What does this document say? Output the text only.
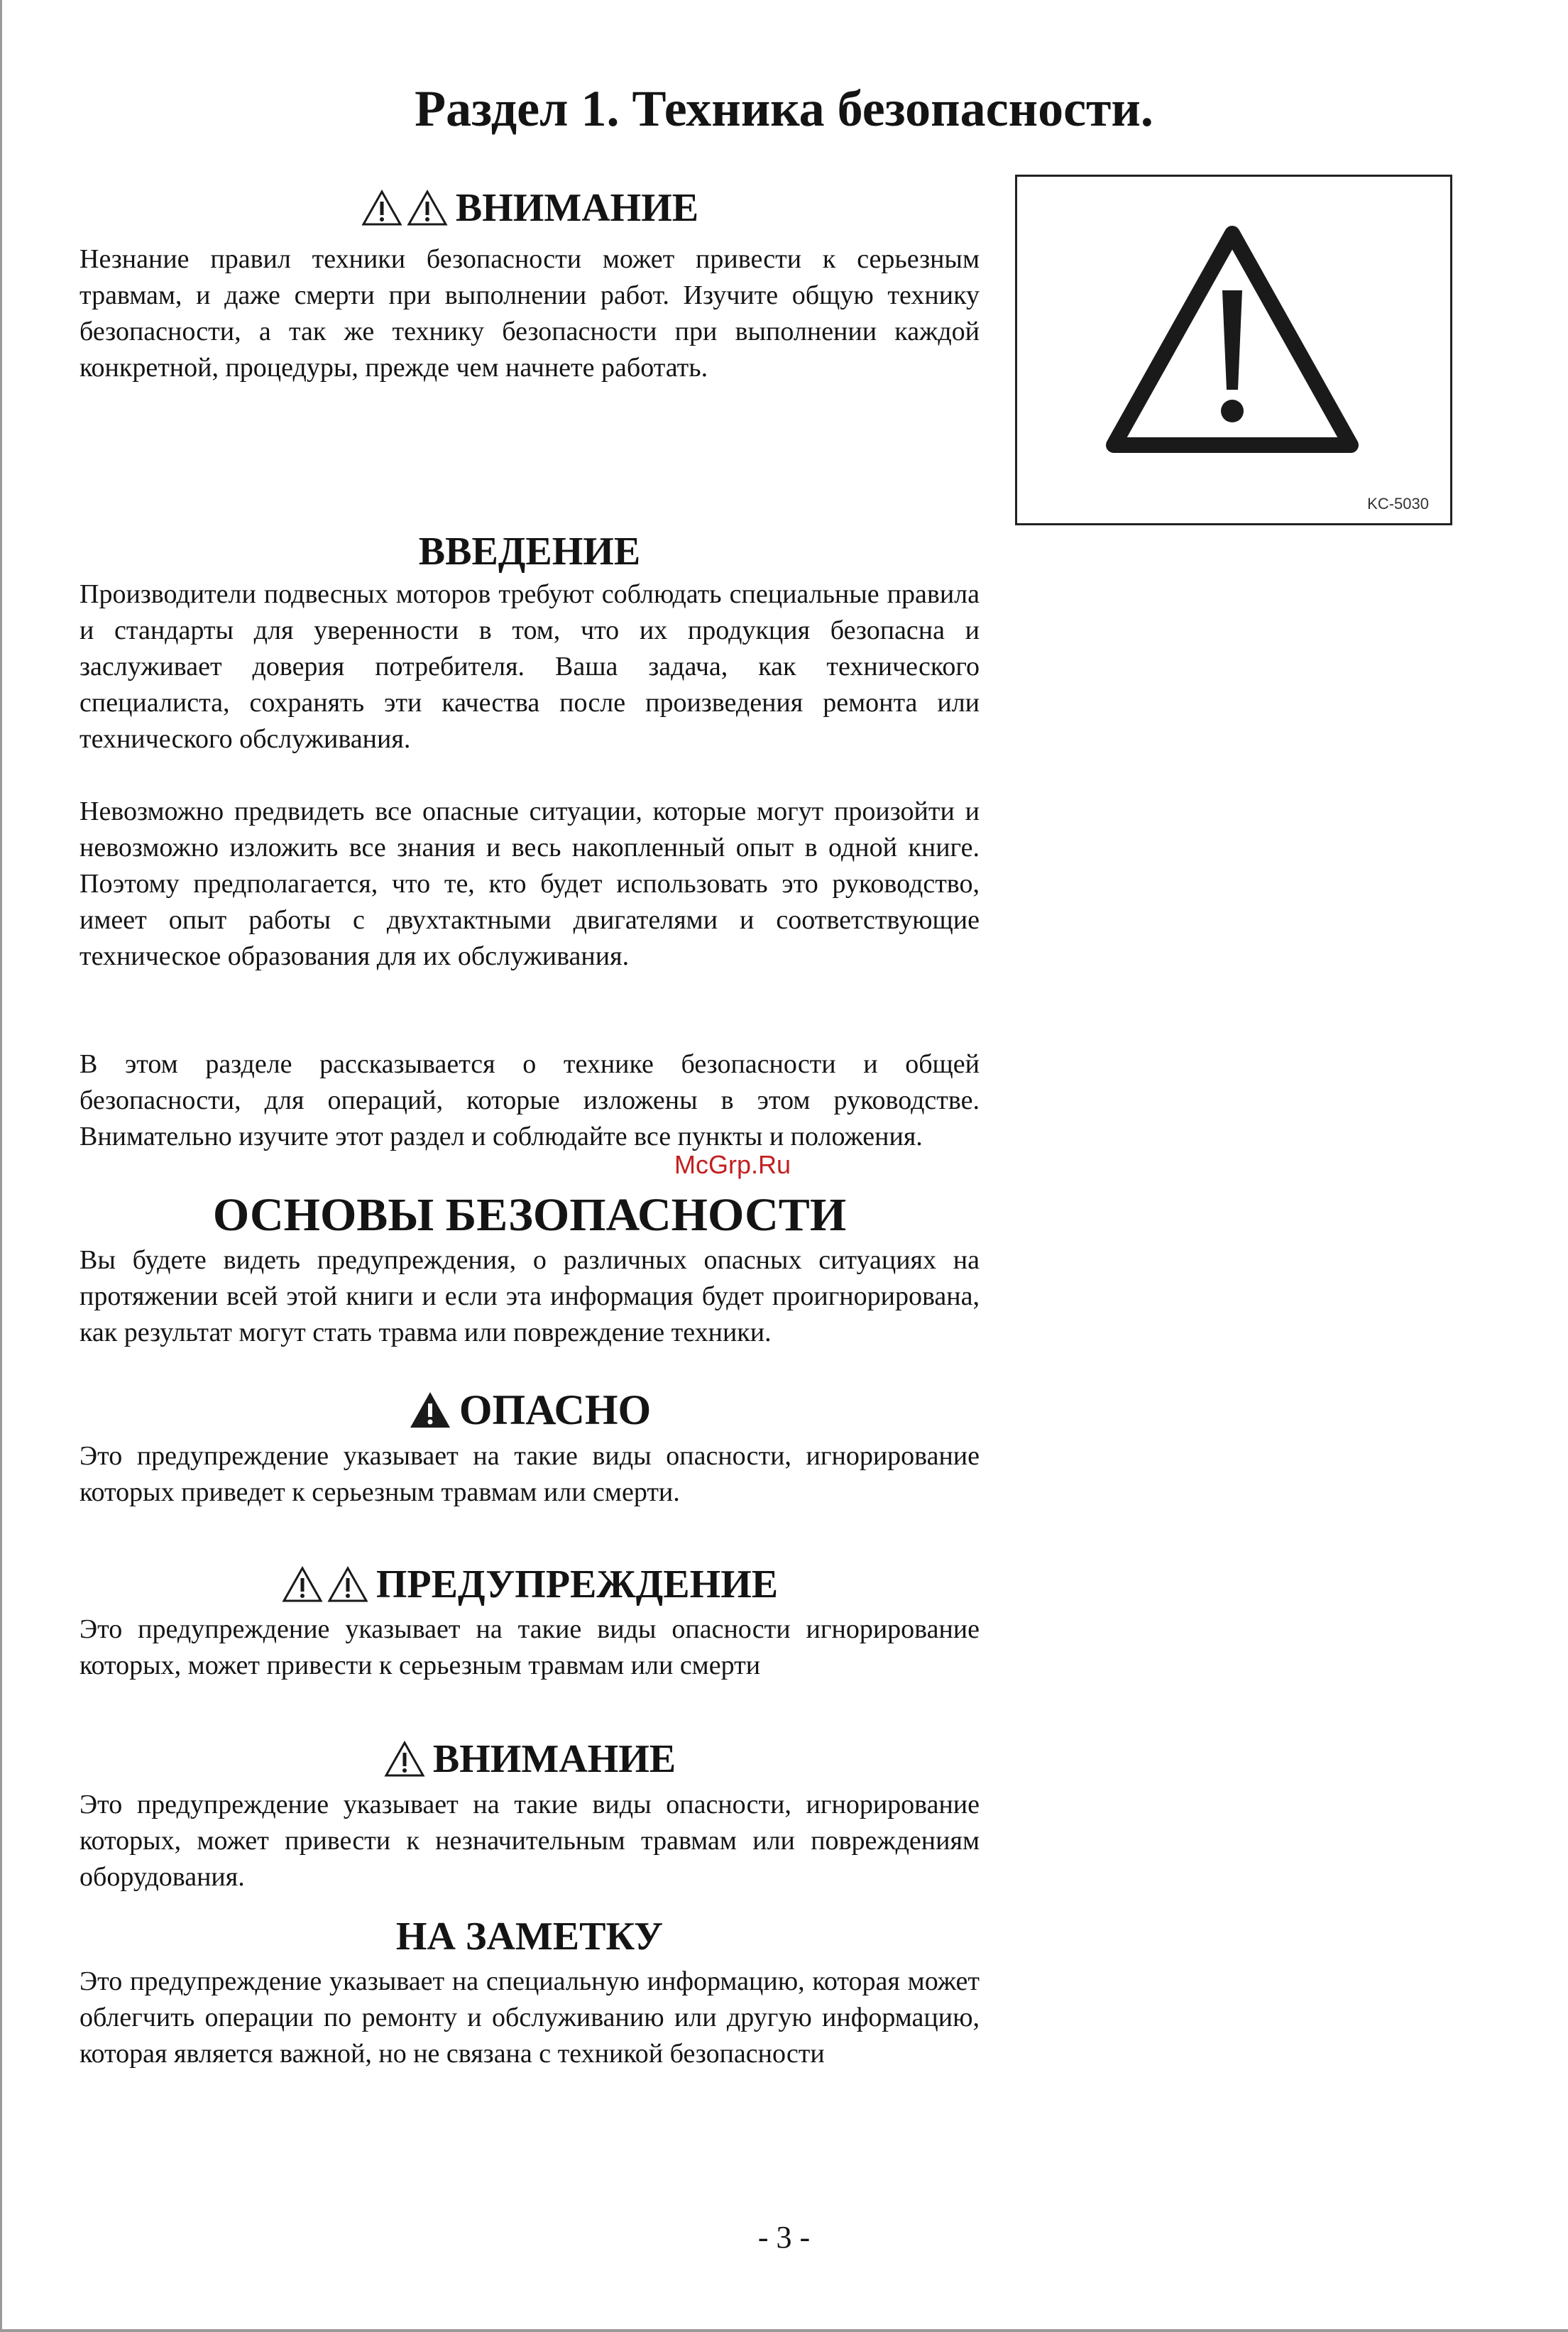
Раздел 1. Техника безопасности.
ВНИМАНИЕ
Незнание правил техники безопасности может привести к серьезным травмам, и даже смерти при выполнении работ. Изучите общую технику безопасности, а так же технику безопасности при выполнении каждой конкретной, процедуры, прежде чем начнете работать.
KC-5030
ВВЕДЕНИЕ
Производители подвесных моторов требуют соблюдать специальные правила и стандарты для уверенности в том, что их продукция безопасна и заслуживает доверия потребителя. Ваша задача, как технического специалиста, сохранять эти качества после произведения ремонта или технического обслуживания.
Невозможно предвидеть все опасные ситуации, которые могут произойти и невозможно изложить все знания и весь накопленный опыт в одной книге. Поэтому предполагается, что те, кто будет использовать это руководство, имеет опыт работы с двухтактными двигателями и соответствующие техническое образования для их обслуживания.
В этом разделе рассказывается о технике безопасности и общей безопасности, для операций, которые изложены в этом руководстве. Внимательно изучите этот раздел и соблюдайте все пункты и положения.
ОСНОВЫ БЕЗОПАСНОСТИ
Вы будете видеть предупреждения, о различных опасных ситуациях на протяжении всей этой книги и если эта информация будет проигнорирована, как результат могут стать травма или повреждение техники.
ОПАСНО
Это предупреждение указывает на такие виды опасности, игнорирование которых приведет к серьезным травмам или смерти.
ПРЕДУПРЕЖДЕНИЕ
Это предупреждение указывает на такие виды опасности игнорирование которых, может привести к серьезным травмам или смерти
ВНИМАНИЕ
Это предупреждение указывает на такие виды опасности, игнорирование которых, может привести к незначительным травмам или повреждениям оборудования.
НА ЗАМЕТКУ
Это предупреждение указывает на специальную информацию, которая может облегчить операции по ремонту и обслуживанию или другую информацию, которая является важной, но не связана с техникой безопасности
McGrp.Ru
- 3 -
